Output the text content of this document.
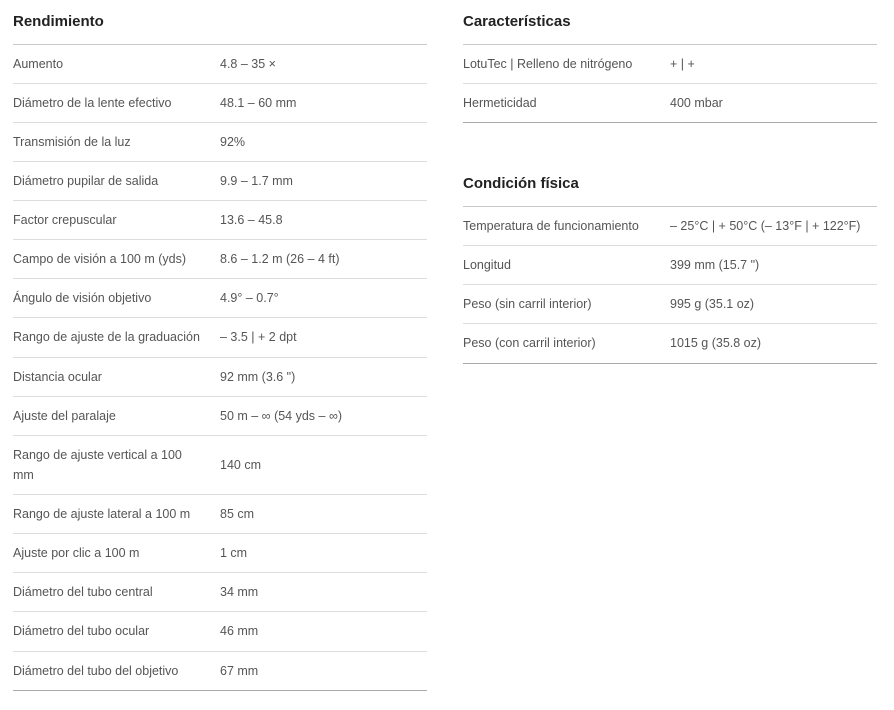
Rendimiento
Aumento	4.8 – 35 ×
Diámetro de la lente efectivo	48.1 – 60 mm
Transmisión de la luz	92%
Diámetro pupilar de salida	9.9 – 1.7 mm
Factor crepuscular	13.6 – 45.8
Campo de visión a 100 m (yds)	8.6 – 1.2 m (26 – 4 ft)
Ángulo de visión objetivo	4.9° – 0.7°
Rango de ajuste de la graduación	– 3.5 | + 2 dpt
Distancia ocular	92 mm (3.6 ")
Ajuste del paralaje	50 m – ∞ (54 yds – ∞)
Rango de ajuste vertical a 100 mm	140 cm
Rango de ajuste lateral a 100 m	85 cm
Ajuste por clic a 100 m	1 cm
Diámetro del tubo central	34 mm
Diámetro del tubo ocular	46 mm
Diámetro del tubo del objetivo	67 mm
Características
LotuTec | Relleno de nitrógeno	+ | +
Hermeticidad	400 mbar
Condición física
Temperatura de funcionamiento	– 25°C | + 50°C (– 13°F | + 122°F)
Longitud	399 mm (15.7 ")
Peso (sin carril interior)	995 g (35.1 oz)
Peso (con carril interior)	1015 g (35.8 oz)
